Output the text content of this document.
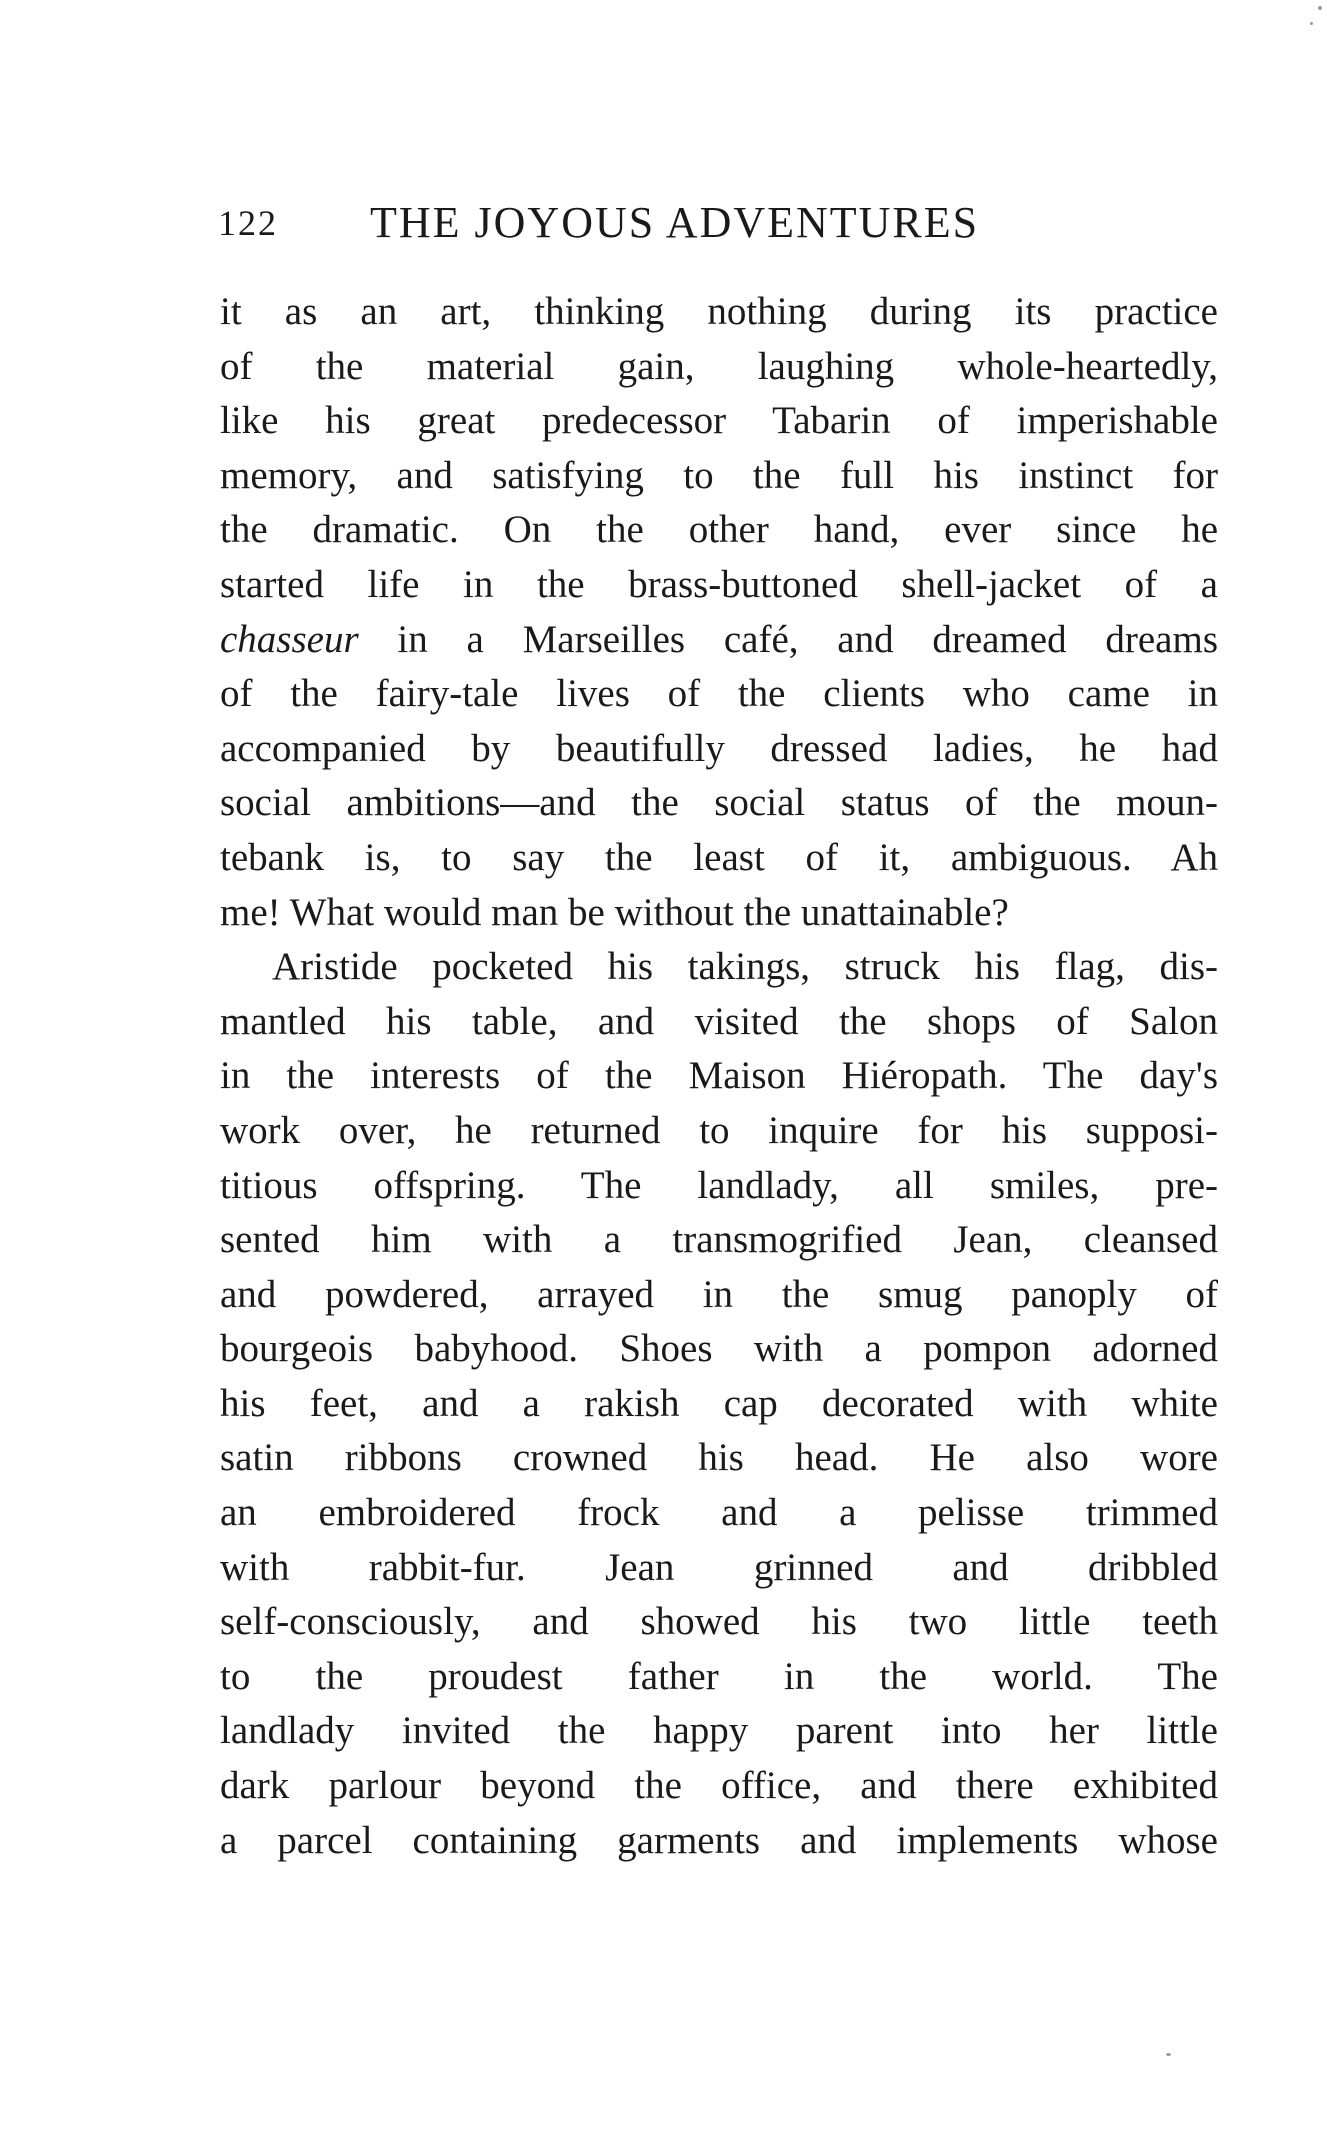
122 THE JOYOUS ADVENTURES
it as an art, thinking nothing during its practice
of the material gain, laughing whole-heartedly,
like his great predecessor Tabarin of imperishable
memory, and satisfying to the full his instinct for
the dramatic. On the other hand, ever since he
started life in the brass-buttoned shell-jacket of a
chasseur in a Marseilles café, and dreamed dreams
of the fairy-tale lives of the clients who came in
accompanied by beautifully dressed ladies, he had
social ambitions—and the social status of the moun-
tebank is, to say the least of it, ambiguous. Ah
me! What would man be without the unattainable?
Aristide pocketed his takings, struck his flag, dis-
mantled his table, and visited the shops of Salon
in the interests of the Maison Hiéropath. The day's
work over, he returned to inquire for his supposi-
titious offspring. The landlady, all smiles, pre-
sented him with a transmogrified Jean, cleansed
and powdered, arrayed in the smug panoply of
bourgeois babyhood. Shoes with a pompon adorned
his feet, and a rakish cap decorated with white
satin ribbons crowned his head. He also wore
an embroidered frock and a pelisse trimmed
with rabbit-fur. Jean grinned and dribbled
self-consciously, and showed his two little teeth
to the proudest father in the world. The
landlady invited the happy parent into her little
dark parlour beyond the office, and there exhibited
a parcel containing garments and implements whose
